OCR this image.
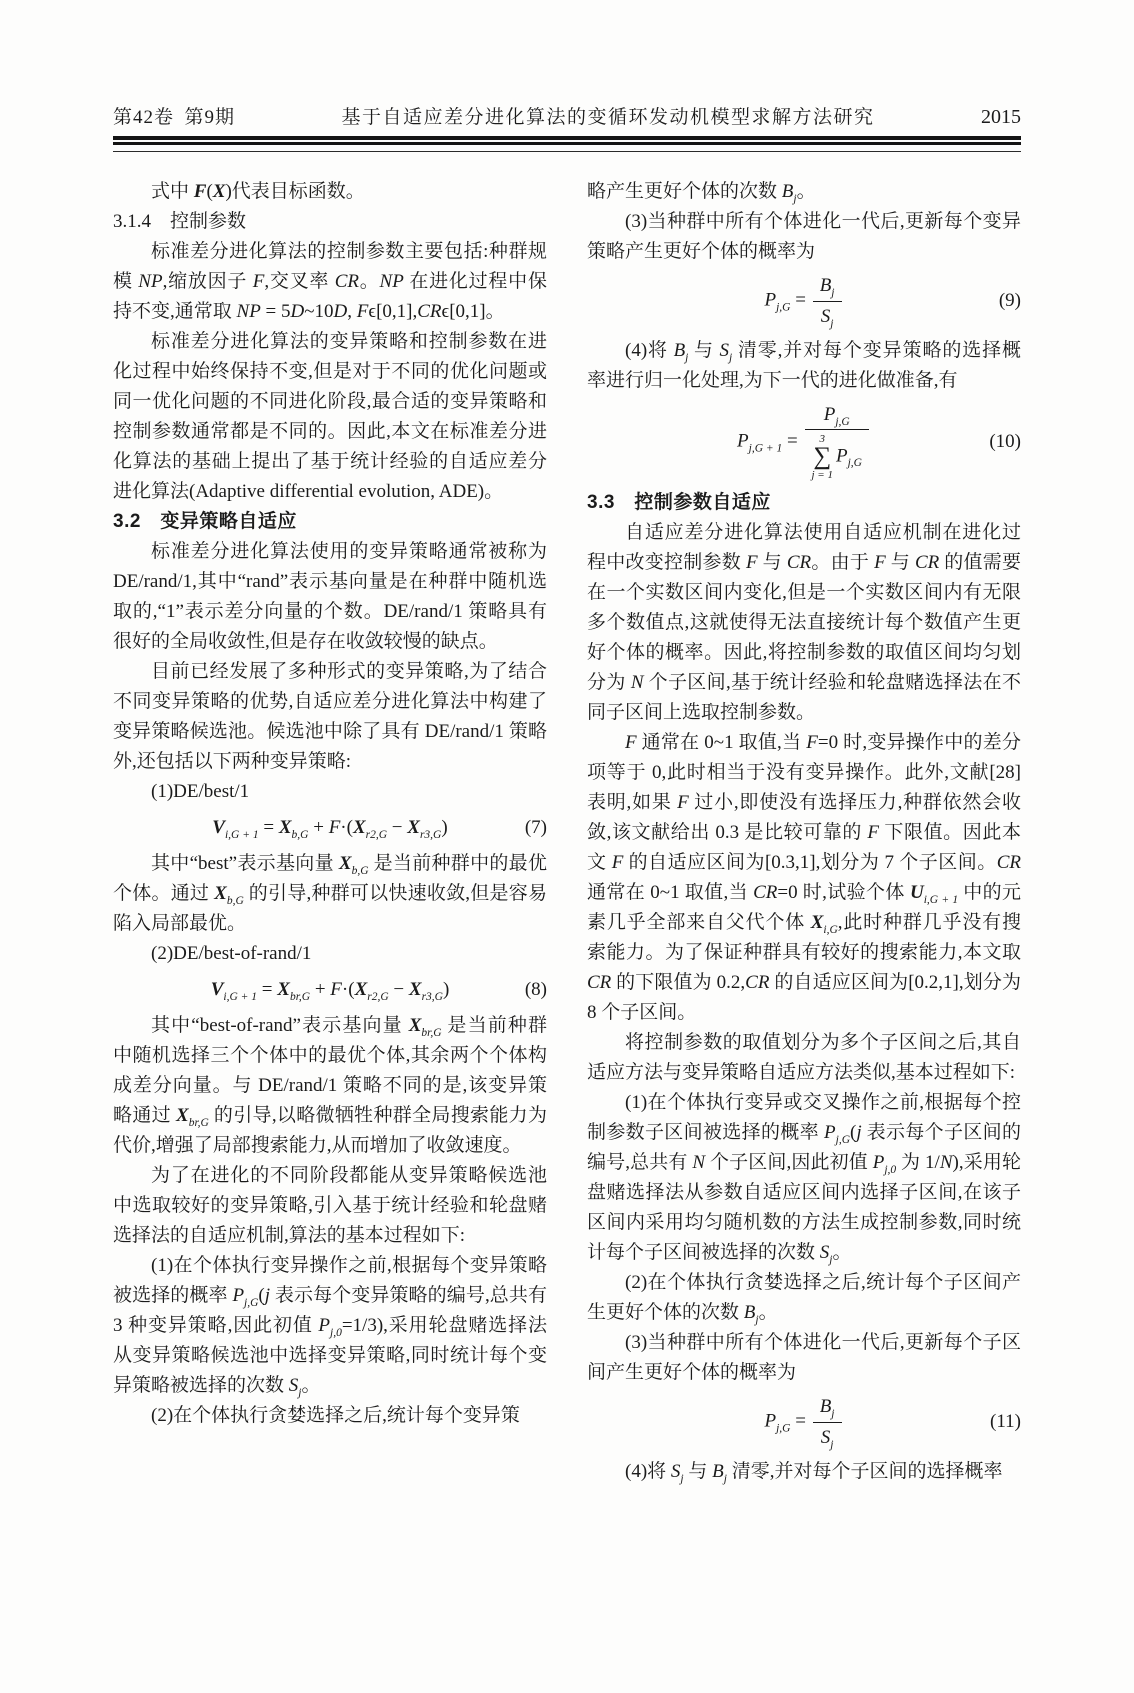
第42卷 第9期	基于自适应差分进化算法的变循环发动机模型求解方法研究	2015

式中 F(X)代表目标函数。

3.1.4 控制参数

标准差分进化算法的控制参数主要包括:种群规模 NP,缩放因子 F,交叉率 CR。NP 在进化过程中保持不变,通常取 NP = 5D~10D, Fϵ[0,1],CRϵ[0,1]。

标准差分进化算法的变异策略和控制参数在进化过程中始终保持不变,但是对于不同的优化问题或同一优化问题的不同进化阶段,最合适的变异策略和控制参数通常都是不同的。因此,本文在标准差分进化算法的基础上提出了基于统计经验的自适应差分进化算法(Adaptive differential evolution, ADE)。

3.2 变异策略自适应

标准差分进化算法使用的变异策略通常被称为 DE/rand/1,其中“rand”表示基向量是在种群中随机选取的,“1”表示差分向量的个数。DE/rand/1 策略具有很好的全局收敛性,但是存在收敛较慢的缺点。

目前已经发展了多种形式的变异策略,为了结合不同变异策略的优势,自适应差分进化算法中构建了变异策略候选池。候选池中除了具有 DE/rand/1 策略外,还包括以下两种变异策略:

(1)DE/best/1

$V_{i,G + 1} = X_{b,G} + F\cdot(X_{r2,G} - X_{r3,G})$	(7)

其中“best”表示基向量 $X_{b,G}$ 是当前种群中的最优个体。通过 $X_{b,G}$ 的引导,种群可以快速收敛,但是容易陷入局部最优。

(2)DE/best-of-rand/1

$V_{i,G + 1} = X_{br,G} + F\cdot(X_{r2,G} - X_{r3,G})$	(8)

其中“best-of-rand”表示基向量 $X_{br,G}$ 是当前种群中随机选择三个个体中的最优个体,其余两个个体构成差分向量。与 DE/rand/1 策略不同的是,该变异策略通过 $X_{br,G}$ 的引导,以略微牺牲种群全局搜索能力为代价,增强了局部搜索能力,从而增加了收敛速度。

为了在进化的不同阶段都能从变异策略候选池中选取较好的变异策略,引入基于统计经验和轮盘赌选择法的自适应机制,算法的基本过程如下:

(1)在个体执行变异操作之前,根据每个变异策略被选择的概率 $P_{j,G}(j$ 表示每个变异策略的编号,总共有 3 种变异策略,因此初值 $P_{j,0}=1/3$),采用轮盘赌选择法从变异策略候选池中选择变异策略,同时统计每个变异策略被选择的次数 $S_j$。

(2)在个体执行贪婪选择之后,统计每个变异策

略产生更好个体的次数 $B_j$。

(3)当种群中所有个体进化一代后,更新每个变异策略产生更好个体的概率为

$P_{j,G} = \frac{B_j}{S_j}$	(9)

(4)将 $B_j$ 与 $S_j$ 清零,并对每个变异策略的选择概率进行归一化处理,为下一代的进化做准备,有

$P_{j,G + 1} = P_{j,G}$
3
∑
j = 1
$P_{j,G}$	(10)

3.3 控制参数自适应

自适应差分进化算法使用自适应机制在进化过程中改变控制参数 F 与 CR。由于 F 与 CR 的值需要在一个实数区间内变化,但是一个实数区间内有无限多个数值点,这就使得无法直接统计每个数值产生更好个体的概率。因此,将控制参数的取值区间均匀划分为 N 个子区间,基于统计经验和轮盘赌选择法在不同子区间上选取控制参数。

F 通常在 0~1 取值,当 F=0 时,变异操作中的差分项等于 0,此时相当于没有变异操作。此外,文献[28]表明,如果 F 过小,即使没有选择压力,种群依然会收敛,该文献给出 0.3 是比较可靠的 F 下限值。因此本文 F 的自适应区间为[0.3,1],划分为 7 个子区间。CR 通常在 0~1 取值,当 CR=0 时,试验个体 $U_{i,G + 1}$ 中的元素几乎全部来自父代个体 $X_{i,G}$,此时种群几乎没有搜索能力。为了保证种群具有较好的搜索能力,本文取 CR 的下限值为 0.2,CR 的自适应区间为[0.2,1],划分为 8 个子区间。

将控制参数的取值划分为多个子区间之后,其自适应方法与变异策略自适应方法类似,基本过程如下:

(1)在个体执行变异或交叉操作之前,根据每个控制参数子区间被选择的概率 $P_{j,G}(j$ 表示每个子区间的编号,总共有 N 个子区间,因此初值 $P_{j,0}$ 为 1/N),采用轮盘赌选择法从参数自适应区间内选择子区间,在该子区间内采用均匀随机数的方法生成控制参数,同时统计每个子区间被选择的次数 $S_j$。

(2)在个体执行贪婪选择之后,统计每个子区间产生更好个体的次数 $B_j$。

(3)当种群中所有个体进化一代后,更新每个子区间产生更好个体的概率为

$P_{j,G} = \frac{B_j}{S_j}$	(11)

(4)将 $S_j$ 与 $B_j$ 清零,并对每个子区间的选择概率
